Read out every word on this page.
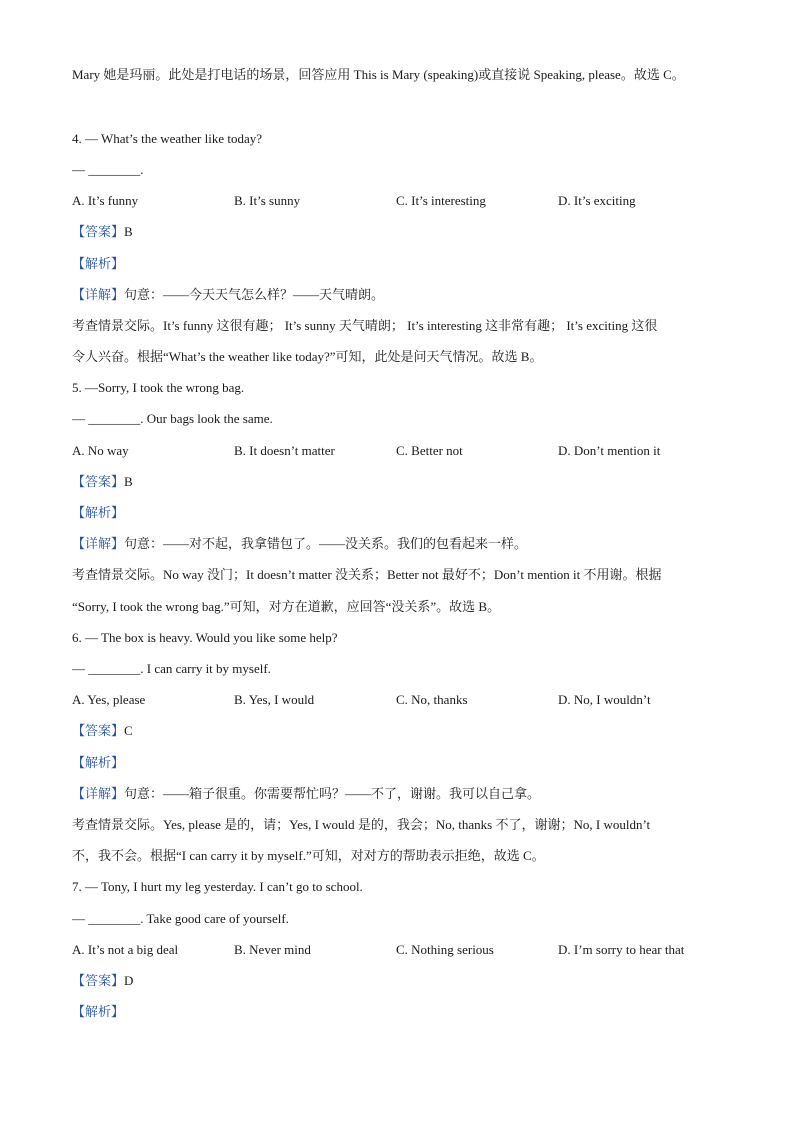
Mary 她是玛丽。此处是打电话的场景，回答应用 This is Mary (speaking)或直接说 Speaking, please。故选 C。
4. — What’s the weather like today?
— ________.
A. It’s funny	B. It’s sunny	C. It’s interesting	D. It’s exciting
【答案】B
【解析】
【详解】句意：——今天天气怎么样？——天气晴朗。
考查情景交际。It’s funny 这很有趣； It’s sunny 天气晴朗； It’s interesting 这非常有趣； It’s exciting 这很
令人兴奋。根据“What’s the weather like today?”可知，此处是问天气情况。故选 B。
5. —Sorry, I took the wrong bag.
— ________. Our bags look the same.
A. No way	B. It doesn’t matter	C. Better not	D. Don’t mention it
【答案】B
【解析】
【详解】句意：——对不起，我拿错包了。——没关系。我们的包看起来一样。
考查情景交际。No way 没门；It doesn’t matter 没关系；Better not 最好不；Don’t mention it 不用谢。根据
“Sorry, I took the wrong bag.”可知，对方在道歉，应回答“没关系”。故选 B。
6. — The box is heavy. Would you like some help?
— ________. I can carry it by myself.
A. Yes, please	B. Yes, I would	C. No, thanks	D. No, I wouldn’t
【答案】C
【解析】
【详解】句意：——箱子很重。你需要帮忙吗？——不了，谢谢。我可以自己拿。
考查情景交际。Yes, please 是的，请；Yes, I would 是的，我会；No, thanks 不了，谢谢；No, I wouldn’t
不，我不会。根据“I can carry it by myself.”可知，对对方的帮助表示拒绝，故选 C。
7. — Tony, I hurt my leg yesterday. I can’t go to school.
— ________. Take good care of yourself.
A. It’s not a big deal	B. Never mind	C. Nothing serious	D. I’m sorry to hear that
【答案】D
【解析】
